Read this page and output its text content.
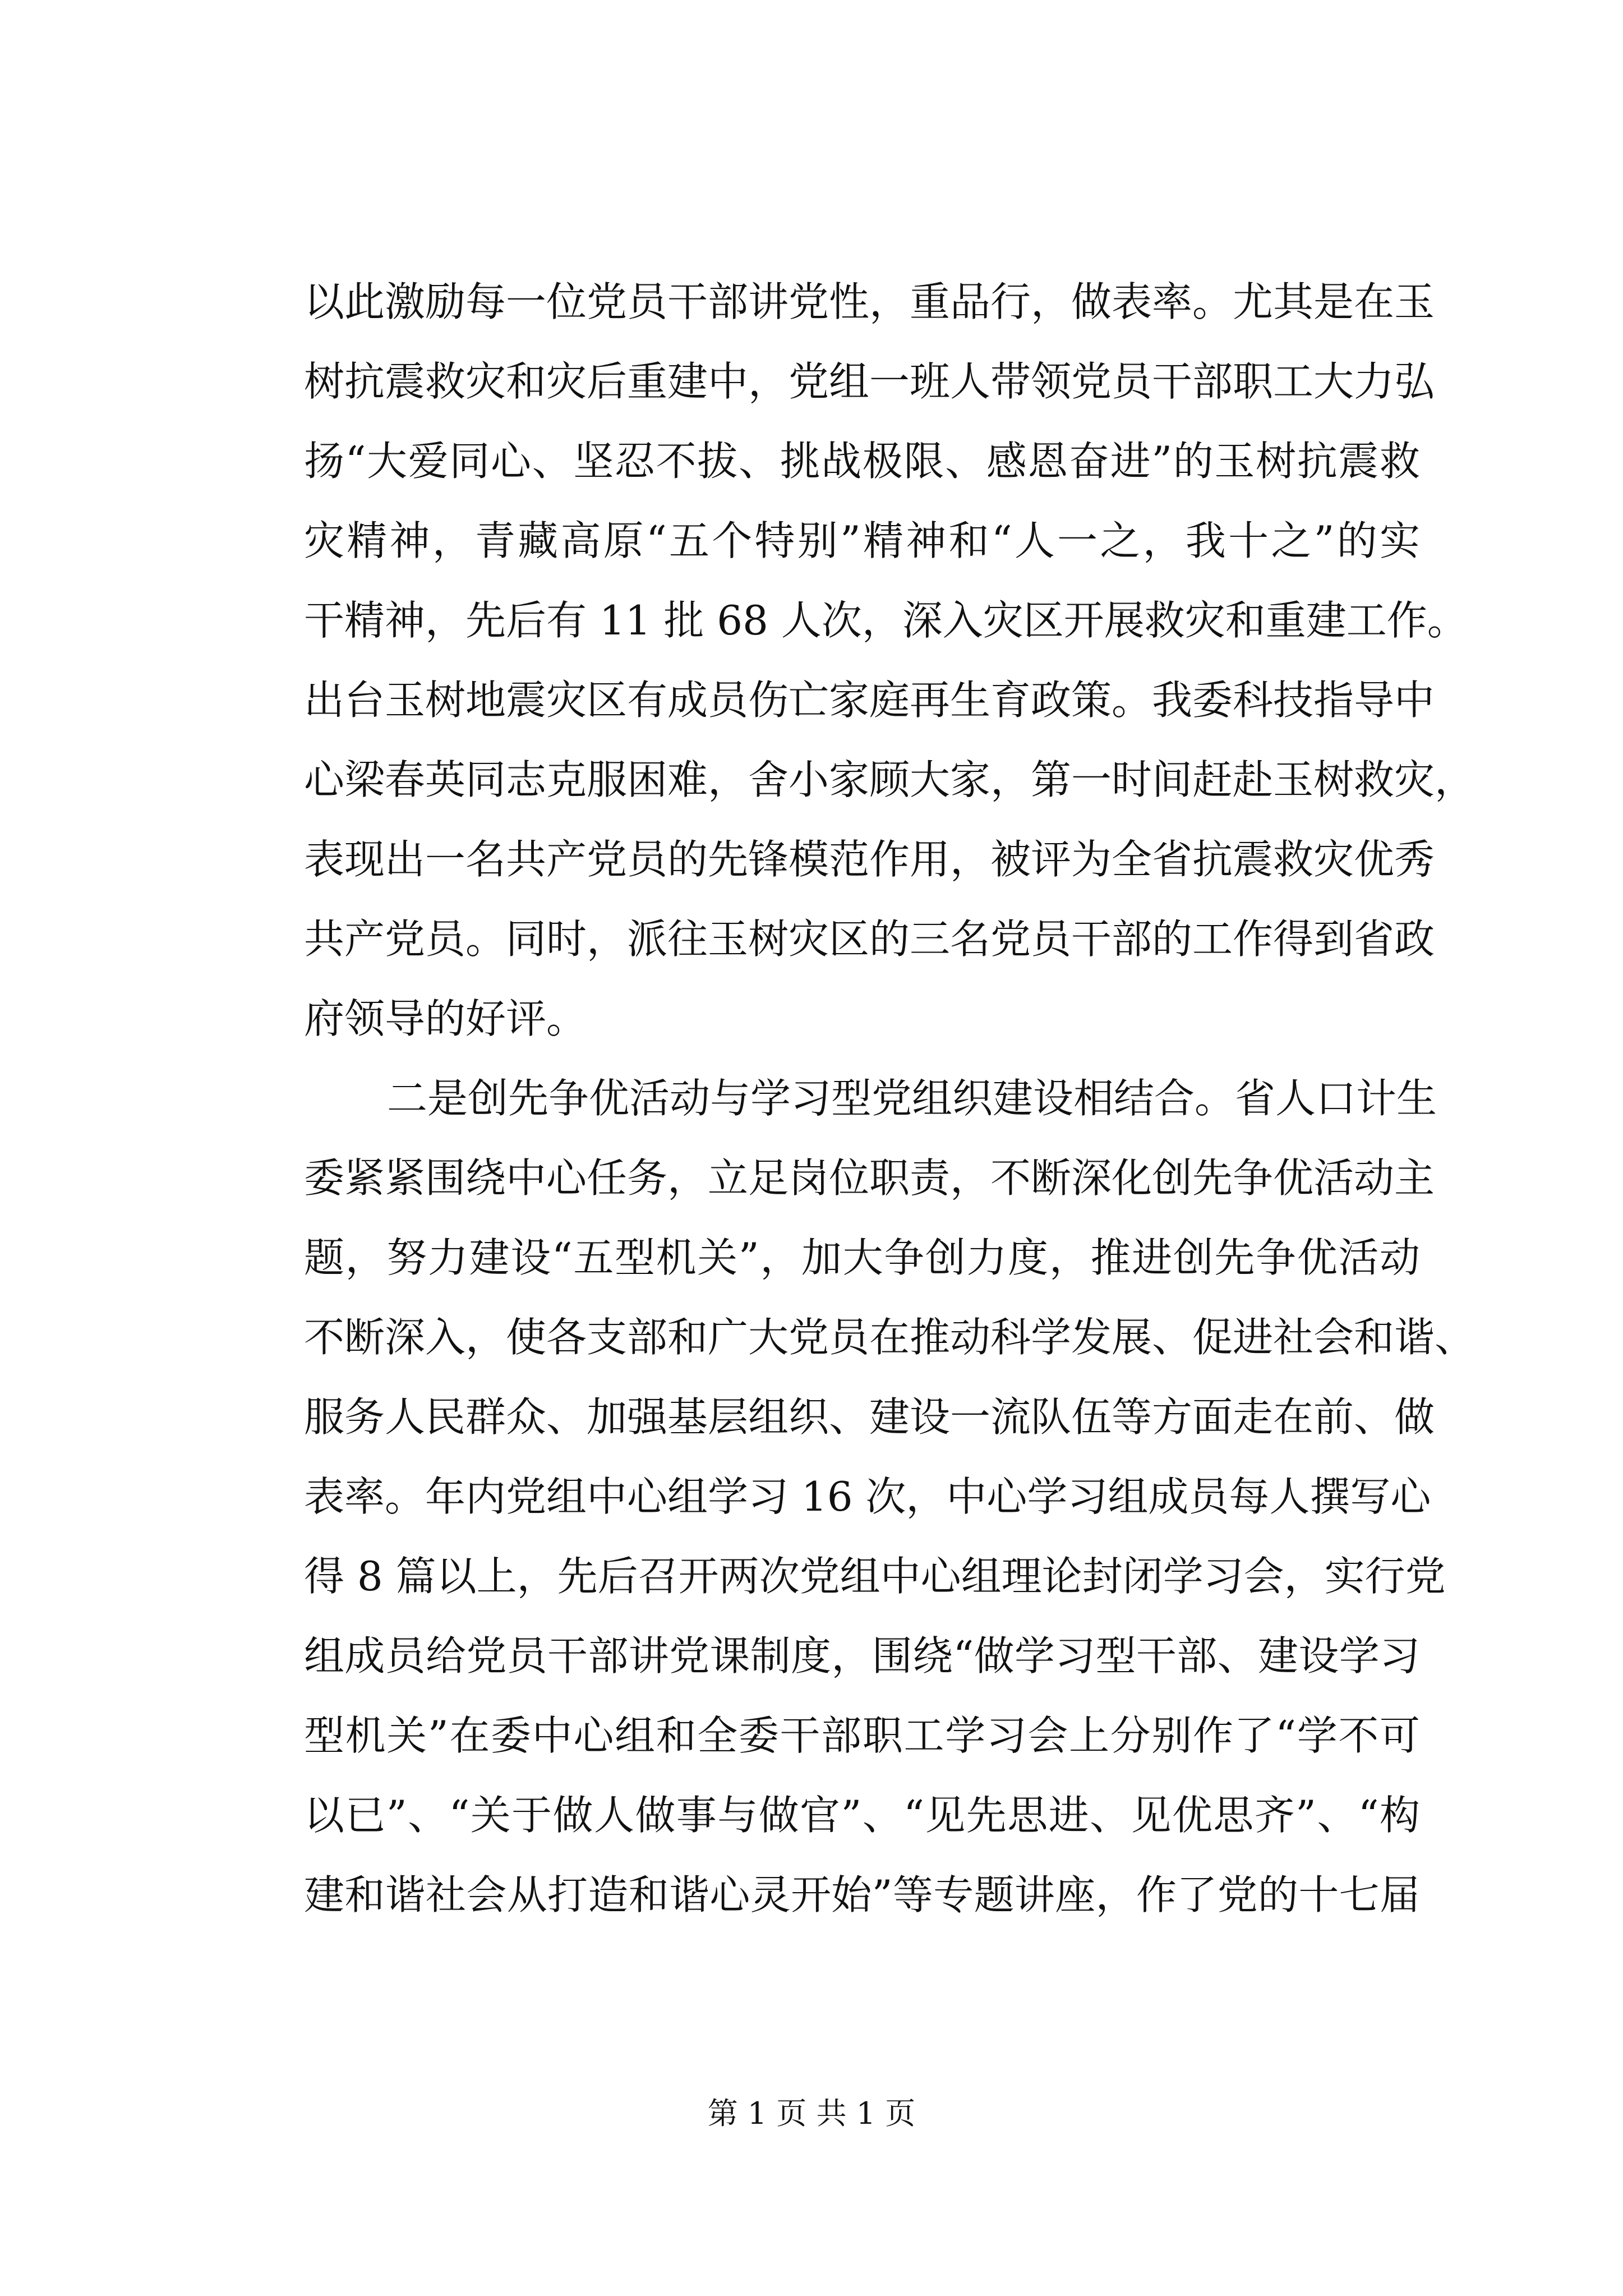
以此激励每一位党员干部讲党性，重品行，做表率。尤其是在玉
树抗震救灾和灾后重建中，党组一班人带领党员干部职工大力弘
扬“大爱同心、坚忍不拔、挑战极限、感恩奋进”的玉树抗震救
灾精神，青藏高原“五个特别”精神和“人一之，我十之”的实
干精神，先后有 11 批 68 人次，深入灾区开展救灾和重建工作。
出台玉树地震灾区有成员伤亡家庭再生育政策。我委科技指导中
心梁春英同志克服困难，舍小家顾大家，第一时间赶赴玉树救灾，
表现出一名共产党员的先锋模范作用，被评为全省抗震救灾优秀
共产党员。同时，派往玉树灾区的三名党员干部的工作得到省政
府领导的好评。
二是创先争优活动与学习型党组织建设相结合。省人口计生
委紧紧围绕中心任务，立足岗位职责，不断深化创先争优活动主
题，努力建设“五型机关”，加大争创力度，推进创先争优活动
不断深入，使各支部和广大党员在推动科学发展、促进社会和谐、
服务人民群众、加强基层组织、建设一流队伍等方面走在前、做
表率。年内党组中心组学习 16 次，中心学习组成员每人撰写心
得 8 篇以上，先后召开两次党组中心组理论封闭学习会，实行党
组成员给党员干部讲党课制度，围绕“做学习型干部、建设学习
型机关”在委中心组和全委干部职工学习会上分别作了“学不可
以已”、“关于做人做事与做官”、“见先思进、见优思齐”、“构
建和谐社会从打造和谐心灵开始”等专题讲座，作了党的十七届
第 1 页 共 1 页
